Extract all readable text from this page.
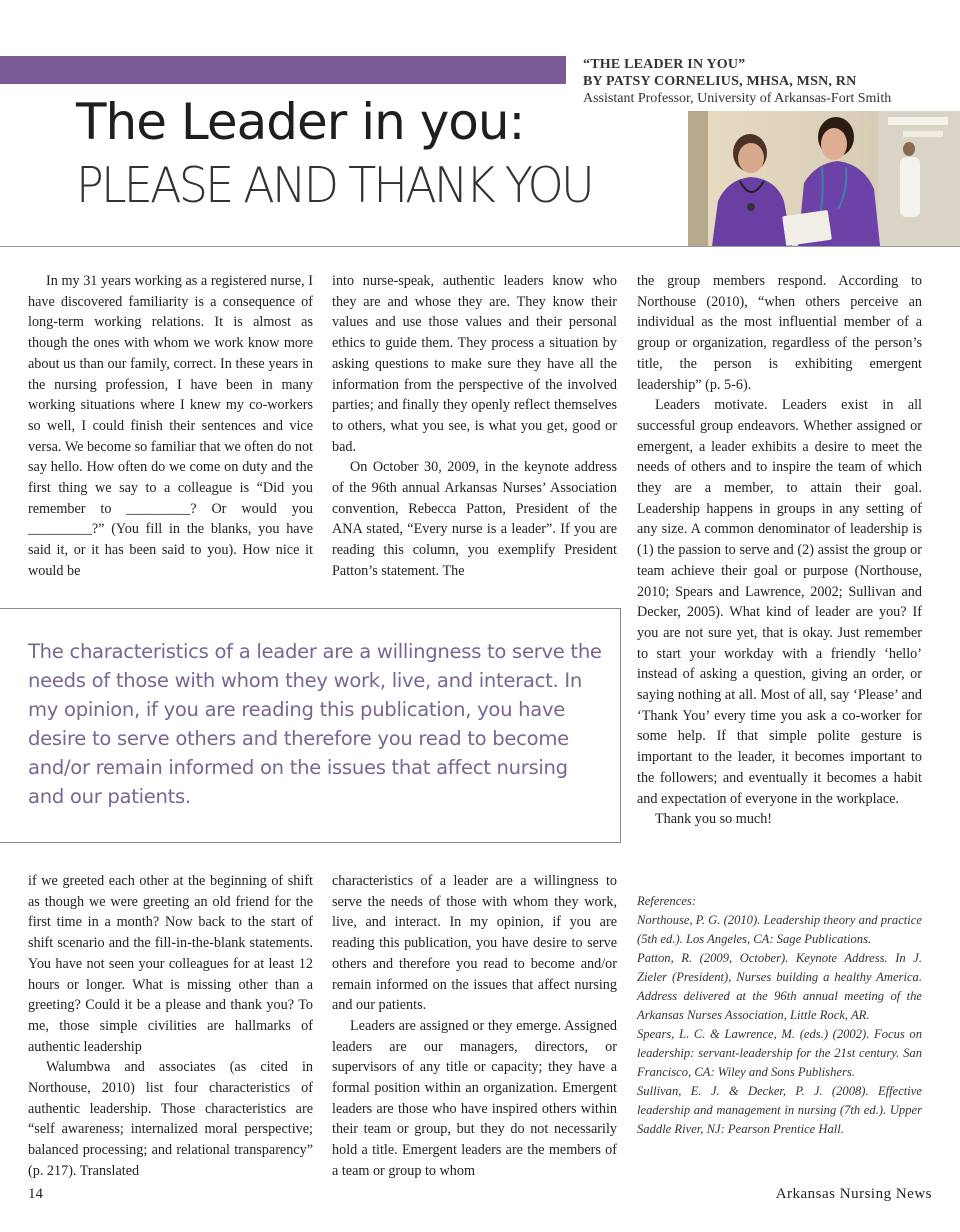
“THE LEADER IN YOU”
BY PATSY CORNELIUS, MHSA, MSN, RN
Assistant Professor, University of Arkansas-Fort Smith
The Leader in you:
PLEASE AND THANK YOU

In my 31 years working as a registered nurse, I have discovered familiarity is a consequence of long-term working relations. It is almost as though the ones with whom we work know more about us than our family, correct. In these years in the nursing profession, I have been in many working situations where I knew my co-workers so well, I could finish their sentences and vice versa. We become so familiar that we often do not say hello. How often do we come on duty and the first thing we say to a colleague is “Did you remember to _________? Or would you _________?” (You fill in the blanks, you have said it, or it has been said to you). How nice it would be

into nurse-speak, authentic leaders know who they are and whose they are. They know their values and use those values and their personal ethics to guide them. They process a situation by asking questions to make sure they have all the information from the perspective of the involved parties; and finally they openly reflect themselves to others, what you see, is what you get, good or bad.

On October 30, 2009, in the keynote address of the 96th annual Arkansas Nurses’ Association convention, Rebecca Patton, President of the ANA stated, “Every nurse is a leader”. If you are reading this column, you exemplify President Patton’s statement. The

The characteristics of a leader are a willingness to serve the needs of those with whom they work, live, and interact. In my opinion, if you are reading this publication, you have desire to serve others and therefore you read to become and/or remain informed on the issues that affect nursing and our patients.

if we greeted each other at the beginning of shift as though we were greeting an old friend for the first time in a month? Now back to the start of shift scenario and the fill-in-the-blank statements. You have not seen your colleagues for at least 12 hours or longer. What is missing other than a greeting? Could it be a please and thank you? To me, those simple civilities are hallmarks of authentic leadership

Walumbwa and associates (as cited in Northouse, 2010) list four characteristics of authentic leadership. Those characteristics are “self awareness; internalized moral perspective; balanced processing; and relational transparency” (p. 217). Translated

characteristics of a leader are a willingness to serve the needs of those with whom they work, live, and interact. In my opinion, if you are reading this publication, you have desire to serve others and therefore you read to become and/or remain informed on the issues that affect nursing and our patients.

Leaders are assigned or they emerge. Assigned leaders are our managers, directors, or supervisors of any title or capacity; they have a formal position within an organization. Emergent leaders are those who have inspired others within their team or group, but they do not necessarily hold a title. Emergent leaders are the members of a team or group to whom

the group members respond. According to Northouse (2010), “when others perceive an individual as the most influential member of a group or organization, regardless of the person’s title, the person is exhibiting emergent leadership” (p. 5-6).

Leaders motivate. Leaders exist in all successful group endeavors. Whether assigned or emergent, a leader exhibits a desire to meet the needs of others and to inspire the team of which they are a member, to attain their goal. Leadership happens in groups in any setting of any size. A common denominator of leadership is (1) the passion to serve and (2) assist the group or team achieve their goal or purpose (Northouse, 2010; Spears and Lawrence, 2002; Sullivan and Decker, 2005). What kind of leader are you? If you are not sure yet, that is okay. Just remember to start your workday with a friendly ‘hello’ instead of asking a question, giving an order, or saying nothing at all. Most of all, say ‘Please’ and ‘Thank You’ every time you ask a co-worker for some help. If that simple polite gesture is important to the leader, it becomes important to the followers; and eventually it becomes a habit and expectation of everyone in the workplace.

Thank you so much!

References:

Northouse, P. G. (2010). Leadership theory and practice (5th ed.). Los Angeles, CA: Sage Publications.

Patton, R. (2009, October). Keynote Address. In J. Zieler (President), Nurses building a healthy America. Address delivered at the 96th annual meeting of the Arkansas Nurses Association, Little Rock, AR.

Spears, L. C. & Lawrence, M. (eds.) (2002). Focus on leadership: servant-leadership for the 21st century. San Francisco, CA: Wiley and Sons Publishers.

Sullivan, E. J. & Decker, P. J. (2008). Effective leadership and management in nursing (7th ed.). Upper Saddle River, NJ: Pearson Prentice Hall.

14	Arkansas Nursing News
